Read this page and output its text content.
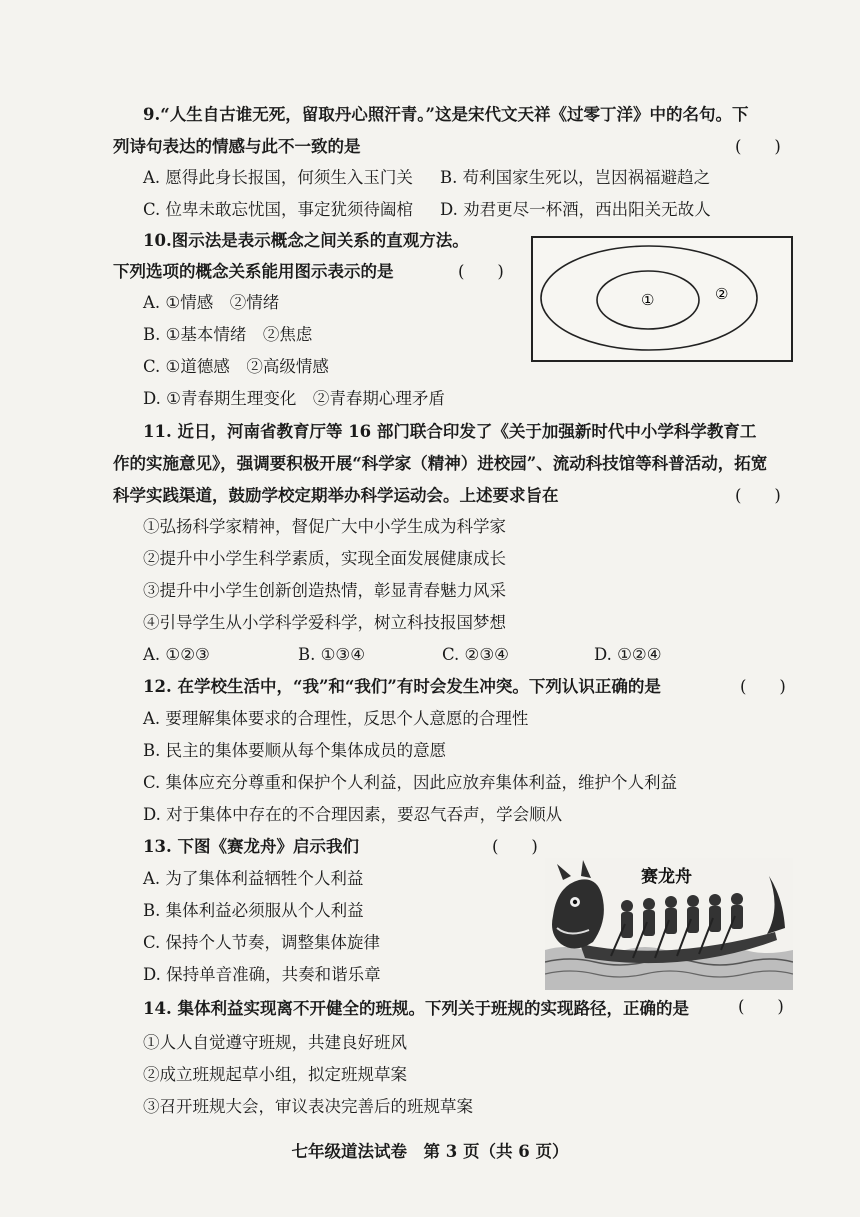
9.“人生自古谁无死，留取丹心照汗青。”这是宋代文天祥《过零丁洋》中的名句。下
列诗句表达的情感与此不一致的是	(　　)
A. 愿得此身长报国，何须生入玉门关 B. 苟利国家生死以，岂因祸福避趋之
C. 位卑未敢忘忧国，事定犹须待阖棺 D. 劝君更尽一杯酒，西出阳关无故人
10.图示法是表示概念之间关系的直观方法。
下列选项的概念关系能用图示表示的是	(　　)
A. ①情感　②情绪
B. ①基本情绪　②焦虑
C. ①道德感　②高级情感
D. ①青春期生理变化　②青春期心理矛盾
①	②
11. 近日，河南省教育厅等 16 部门联合印发了《关于加强新时代中小学科学教育工
作的实施意见》，强调要积极开展“科学家（精神）进校园”、流动科技馆等科普活动，拓宽
科学实践渠道，鼓励学校定期举办科学运动会。上述要求旨在	(　　)
①弘扬科学家精神，督促广大中小学生成为科学家
②提升中小学生科学素质，实现全面发展健康成长
③提升中小学生创新创造热情，彰显青春魅力风采
④引导学生从小学科学爱科学，树立科技报国梦想
A. ①②③	B. ①③④	C. ②③④	D. ①②④
12. 在学校生活中，“我”和“我们”有时会发生冲突。下列认识正确的是	(　　)
A. 要理解集体要求的合理性，反思个人意愿的合理性
B. 民主的集体要顺从每个集体成员的意愿
C. 集体应充分尊重和保护个人利益，因此应放弃集体利益，维护个人利益
D. 对于集体中存在的不合理因素，要忍气吞声，学会顺从
13. 下图《赛龙舟》启示我们	(　　)
A. 为了集体利益牺牲个人利益
B. 集体利益必须服从个人利益
C. 保持个人节奏，调整集体旋律
D. 保持单音准确，共奏和谐乐章
赛龙舟
14. 集体利益实现离不开健全的班规。下列关于班规的实现路径，正确的是	(　　)
①人人自觉遵守班规，共建良好班风
②成立班规起草小组，拟定班规草案
③召开班规大会，审议表决完善后的班规草案
七年级道法试卷　第 3 页（共 6 页）
